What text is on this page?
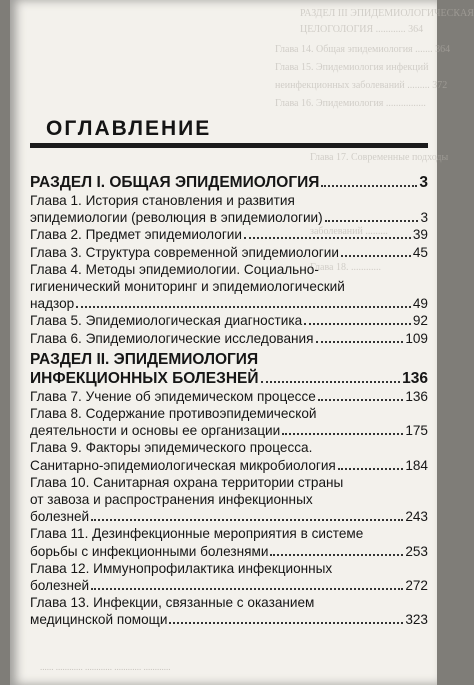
РАЗДЕЛ III ЭПИДЕМИОЛОГИЧЕСКАЯ
ЦЕЛОГОЛОГИЯ ............ 364
Глава 14. Общая эпидемиология ....... 364
Глава 15. Эпидемиология инфекций
неинфекционных заболеваний ......... 372
Глава 16. Эпидемиология ................
Глава 17. Современные подходы
заболеваний .........
Глава 18. ............
ОГЛАВЛЕНИЕ
РАЗДЕЛ I. ОБЩАЯ ЭПИДЕМИОЛОГИЯ	3
Глава 1. История становления и развития
эпидемиологии (революция в эпидемиологии)	3
Глава 2. Предмет эпидемиологии	39
Глава 3. Структура современной эпидемиологии	45
Глава 4. Методы эпидемиологии. Социально-
гигиенический мониторинг и эпидемиологический
надзор	49
Глава 5. Эпидемиологическая диагностика	92
Глава 6. Эпидемиологические исследования	109
РАЗДЕЛ II. ЭПИДЕМИОЛОГИЯ
ИНФЕКЦИОННЫХ БОЛЕЗНЕЙ	136
Глава 7. Учение об эпидемическом процессе	136
Глава 8. Содержание противоэпидемической
деятельности и основы ее организации	175
Глава 9. Факторы эпидемического процесса.
Санитарно-эпидемиологическая микробиология	184
Глава 10. Санитарная охрана территории страны
от завоза и распространения инфекционных
болезней	243
Глава 11. Дезинфекционные мероприятия в системе
борьбы с инфекционными болезнями	253
Глава 12. Иммунопрофилактика инфекционных
болезней	272
Глава 13. Инфекции, связанные с оказанием
медицинской помощи	323
...... ............ ............ ............ ............
